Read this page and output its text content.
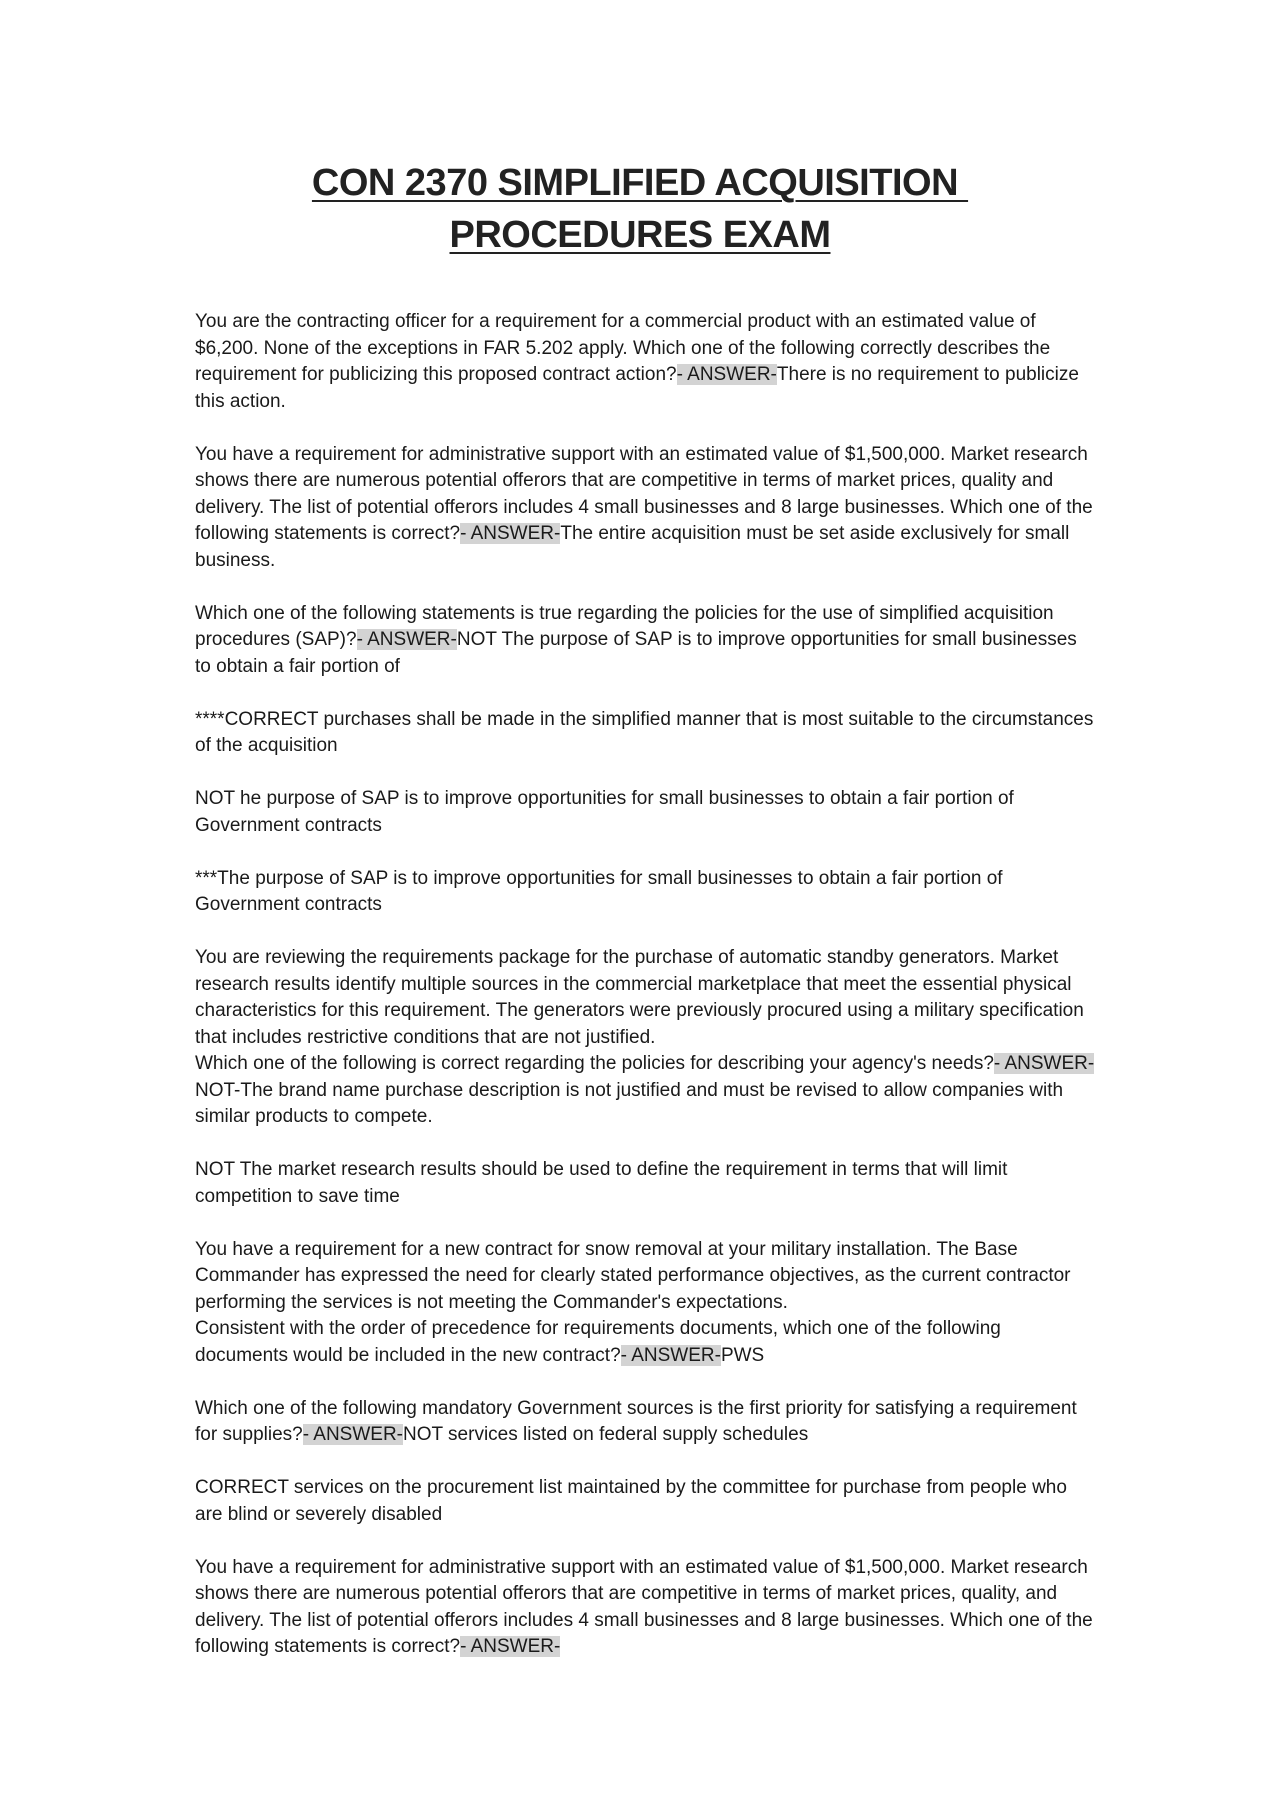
CON 2370 SIMPLIFIED ACQUISITION
PROCEDURES EXAM

You are the contracting officer for a requirement for a commercial product with an estimated value of $6,200. None of the exceptions in FAR 5.202 apply. Which one of the following correctly describes the requirement for publicizing this proposed contract action?- ANSWER-There is no requirement to publicize this action.

You have a requirement for administrative support with an estimated value of $1,500,000. Market research shows there are numerous potential offerors that are competitive in terms of market prices, quality and delivery. The list of potential offerors includes 4 small businesses and 8 large businesses. Which one of the following statements is correct?- ANSWER-The entire acquisition must be set aside exclusively for small business.

Which one of the following statements is true regarding the policies for the use of simplified acquisition procedures (SAP)?- ANSWER-NOT The purpose of SAP is to improve opportunities for small businesses to obtain a fair portion of

****CORRECT purchases shall be made in the simplified manner that is most suitable to the circumstances of the acquisition

NOT he purpose of SAP is to improve opportunities for small businesses to obtain a fair portion of Government contracts

***The purpose of SAP is to improve opportunities for small businesses to obtain a fair portion of Government contracts

You are reviewing the requirements package for the purchase of automatic standby generators. Market research results identify multiple sources in the commercial marketplace that meet the essential physical characteristics for this requirement. The generators were previously procured using a military specification that includes restrictive conditions that are not justified.
Which one of the following is correct regarding the policies for describing your agency's needs?- ANSWER-NOT-The brand name purchase description is not justified and must be revised to allow companies with similar products to compete.

NOT The market research results should be used to define the requirement in terms that will limit competition to save time

You have a requirement for a new contract for snow removal at your military installation. The Base Commander has expressed the need for clearly stated performance objectives, as the current contractor performing the services is not meeting the Commander's expectations.
Consistent with the order of precedence for requirements documents, which one of the following documents would be included in the new contract?- ANSWER-PWS

Which one of the following mandatory Government sources is the first priority for satisfying a requirement for supplies?- ANSWER-NOT services listed on federal supply schedules

CORRECT services on the procurement list maintained by the committee for purchase from people who are blind or severely disabled

You have a requirement for administrative support with an estimated value of $1,500,000. Market research shows there are numerous potential offerors that are competitive in terms of market prices, quality, and delivery. The list of potential offerors includes 4 small businesses and 8 large businesses. Which one of the following statements is correct?- ANSWER-
